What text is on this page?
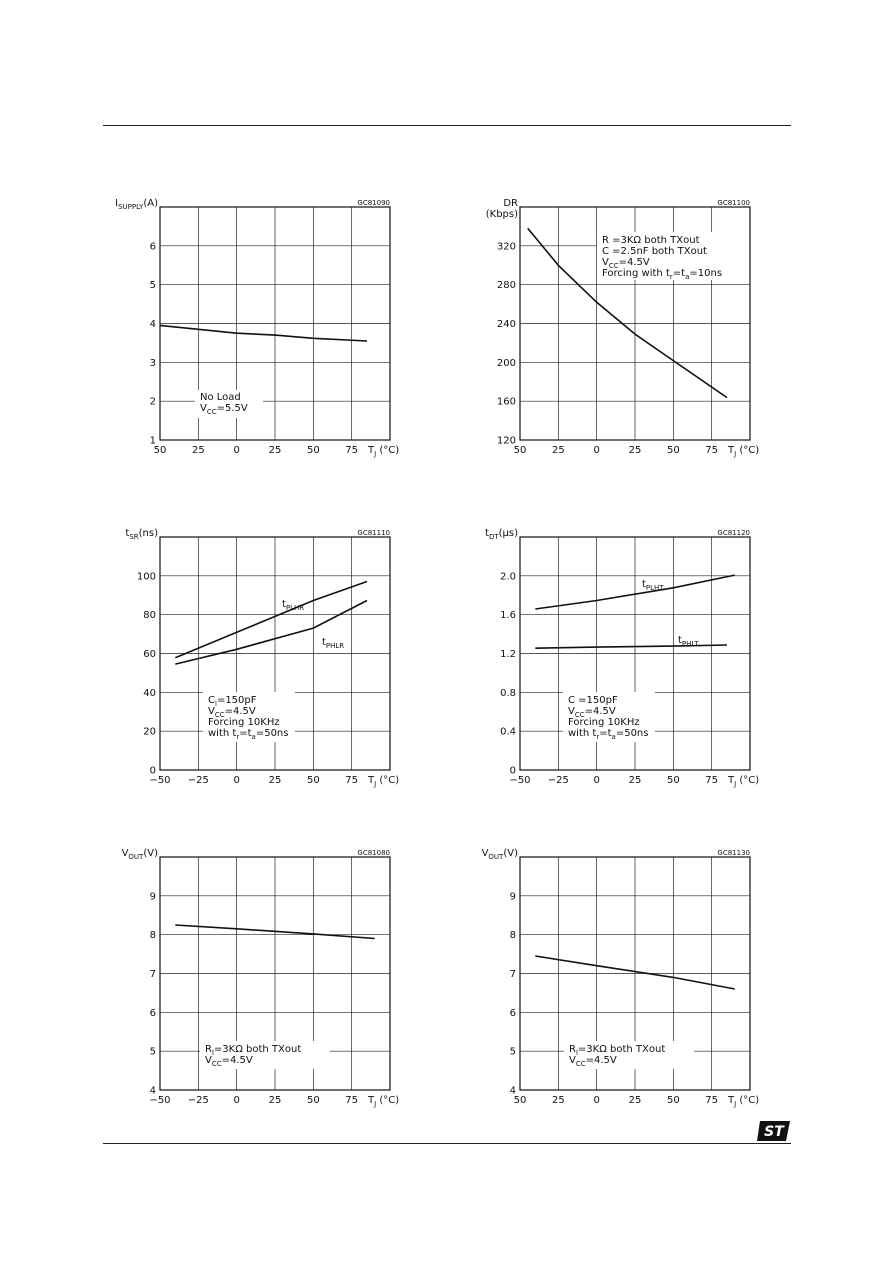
1
2
3
4
5
6
50	25	0	25	50	75 $T_J$ (°C)
$I_{SUPPLY}(A)$	GC81090
No Load
$V_{CC}=5.5V$
120
160
200
240
280
320
50	25	0	25	50	75 $T_J$ (°C)
DR
(Kbps)
GC81100
R =3KΩ both TXout
C =2.5nF both TXout
$V_{CC}=4.5V$
Forcing with $t_r=t_a=10ns$
0
20
40
60
80
100
−50 −25 0	25	50	75 $T_J$ (°C)
$t_{SR}(ns)$	GC81110
$C_l=150pF$
$V_{CC}=4.5V$
Forcing 10KHz
with $t_r=t_a=50ns$
$t_{PLHR}$
$t_{PHLR}$
0
0.4
0.8
1.2
1.6
2.0
−50 −25 0	25	50	75 $T_J$ (°C)
$t_{DT}(\mu s)$	GC81120
C =150pF
$V_{CC}=4.5V$
Forcing 10KHz
with $t_r=t_a=50ns$
$t_{PLHT}$
$t_{PHLT}$
4
5
6
7
8
9
−50 −25 0	25	50	75 $T_J$ (°C)
$V_{OUT}(V)$	GC81080
$R_l=3K\Omega$ both TXout
$V_{CC}=4.5V$
4
5
6
7
8
9
50	25	0	25	50	75 $T_J$ (°C)
$V_{OUT}(V)$	GC81130
$R_l=3K\Omega$ both TXout
$V_{CC}=4.5V$
ST
